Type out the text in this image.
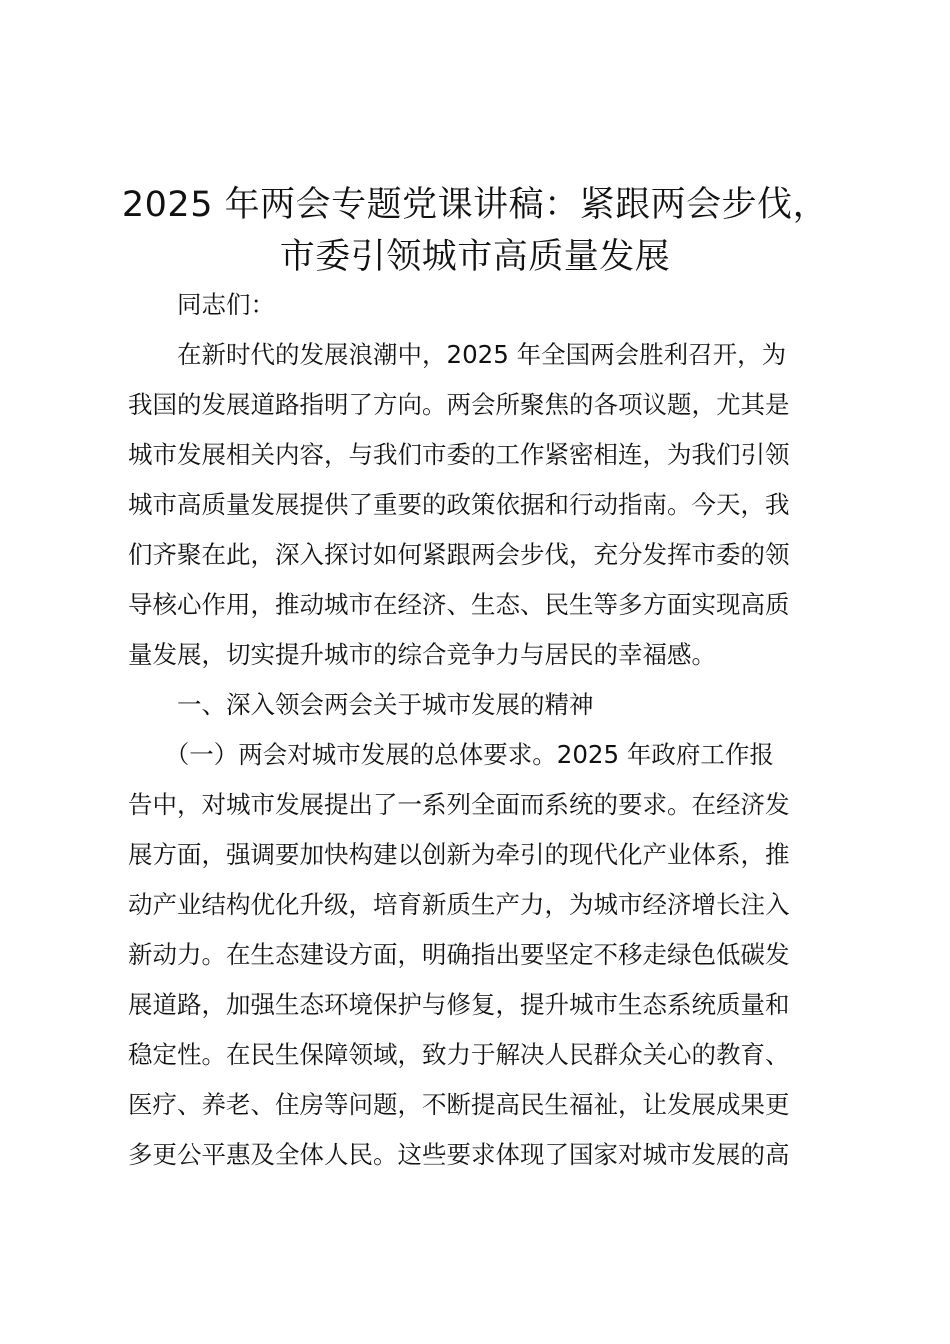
2025 年两会专题党课讲稿：紧跟两会步伐，
市委引领城市高质量发展
　　同志们：
　　在新时代的发展浪潮中，2025 年全国两会胜利召开，为
我国的发展道路指明了方向。两会所聚焦的各项议题，尤其是
城市发展相关内容，与我们市委的工作紧密相连，为我们引领
城市高质量发展提供了重要的政策依据和行动指南。今天，我
们齐聚在此，深入探讨如何紧跟两会步伐，充分发挥市委的领
导核心作用，推动城市在经济、生态、民生等多方面实现高质
量发展，切实提升城市的综合竞争力与居民的幸福感。
　　一、深入领会两会关于城市发展的精神
　　（一）两会对城市发展的总体要求。2025 年政府工作报
告中，对城市发展提出了一系列全面而系统的要求。在经济发
展方面，强调要加快构建以创新为牵引的现代化产业体系，推
动产业结构优化升级，培育新质生产力，为城市经济增长注入
新动力。在生态建设方面，明确指出要坚定不移走绿色低碳发
展道路，加强生态环境保护与修复，提升城市生态系统质量和
稳定性。在民生保障领域，致力于解决人民群众关心的教育、
医疗、养老、住房等问题，不断提高民生福祉，让发展成果更
多更公平惠及全体人民。这些要求体现了国家对城市发展的高
